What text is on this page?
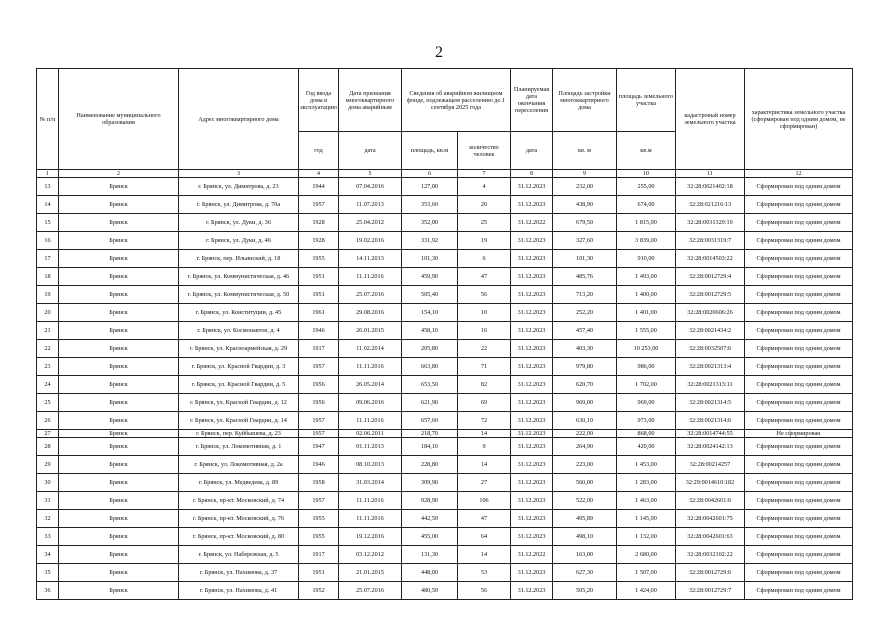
2
№ п/п	Наименование муниципального образования	Адрес многоквартирного дома	Год ввода дома в эксплуатацию	Дата признания многоквартирного дома аварийным	Сведения об аварийном жилищном фонде, подлежащем расселению до 1 сентября 2025 года		Планируемая дата окончания переселения	Площадь застройки многоквартирного дома	площадь земельного участка	кадастровый номер земельного участка	характеристика земельного участка (сформирован под одним домом, не сформирован)
			год	дата	площадь, кв.м	количество человек	дата	кв. м	кв.м		
1	2	3	4	5	6	7	8	9	10	11	12
13	Брянск	г. Брянск, ул. Димитрова, д. 23	1944	07.04.2016	127,00	4	31.12.2023	232,00	255,00	32:28:0021402:18	Сформирован под одним домом
14	Брянск	г. Брянск, ул. Димитрова, д. 70а	1957	11.07.2013	353,60	20	31.12.2023	438,90	674,00	32:28:021216:13	Сформирован под одним домом
15	Брянск	г. Брянск, ул. Дуки, д. 36	1928	25.04.2012	352,00	25	31.12.2022	679,50	1 815,00	32:28:0031320:19	Сформирован под одним домом
16	Брянск	г. Брянск, ул. Дуки, д. 46	1928	19.02.2016	331,92	19	31.12.2023	327,60	3 839,00	32:28:0031319:7	Сформирован под одним домом
17	Брянск	г. Брянск, пер. Ильинский, д. 18	1955	14.11.2013	101,30	6	31.12.2023	101,30	910,00	32:28:0014503:22	Сформирован под одним домом
18	Брянск	г. Брянск, ул. Коммунистическая, д. 46	1951	11.11.2016	459,90	47	31.12.2023	485,76	1 493,00	32:28:0012729:4	Сформирован под одним домом
19	Брянск	г. Брянск, ул. Коммунистическая, д. 50	1951	25.07.2016	505,40	56	31.12.2023	713,20	1 400,00	32:28:0012729:5	Сформирован под одним домом
20	Брянск	г. Брянск, ул. Конституции, д. 45	1961	29.08.2016	154,10	10	31.12.2023	252,20	1 401,00	32:28:0020606:26	Сформирован под одним домом
21	Брянск	г. Брянск, ул. Космонавтов, д. 4	1946	26.01.2015	458,10	16	31.12.2023	457,40	1 555,00	32:28:0021434:2	Сформирован под одним домом
22	Брянск	г. Брянск, ул. Красноармейская, д. 29	1917	11.02.2014	205,80	22	31.12.2023	403,30	10 253,00	32:28:0032507:6	Сформирован под одним домом
23	Брянск	г. Брянск, ул. Красной Гвардии, д. 3	1957	11.11.2016	663,80	71	31.12.2023	979,80	986,00	32:28:0021313:4	Сформирован под одним домом
24	Брянск	г. Брянск, ул. Красной Гвардии, д. 5	1956	26.05.2014	653,50	82	31.12.2023	620,70	1 702,00	32:28:0021313:11	Сформирован под одним домом
25	Брянск	г. Брянск, ул. Красной Гвардии, д. 12	1956	09.06.2016	621,90	69	31.12.2023	969,00	969,00	32:28:0021314:5	Сформирован под одним домом
26	Брянск	г. Брянск, ул. Красной Гвардии, д. 14	1957	11.11.2016	657,60	72	31.12.2023	630,10	973,00	32:28:0021314:6	Сформирован под одним домом
27	Брянск	г. Брянск, пер. Куйбышева, д. 23	1957	02.06.2011	218,70	14	31.12.2023	222,00	868,00	32:28:0014744:55	Не сформирован
28	Брянск	г. Брянск, ул. Локомотивная, д. 1	1947	01.11.2013	184,10	9	31.12.2023	264,90	420,00	32:28:0024142:13	Сформирован под одним домом
29	Брянск	г. Брянск, ул. Локомотивная, д. 2а	1946	08.10.2013	228,80	14	31.12.2023	223,00	1 453,00	32:28:00214257	Сформирован под одним домом
30	Брянск	г. Брянск, ул. Медведева, д. 89	1958	31.03.2014	309,90	27	31.12.2023	560,00	1 283,00	32:29:0014610:182	Сформирован под одним домом
31	Брянск	г. Брянск, пр-кт. Московский, д. 74	1957	11.11.2016	928,90	106	31.12.2023	522,00	1 463,00	32:28:0042601:6	Сформирован под одним домом
32	Брянск	г. Брянск, пр-кт. Московский, д. 76	1955	11.11.2016	442,50	47	31.12.2023	495,89	1 145,00	32:28:0042601:75	Сформирован под одним домом
33	Брянск	г. Брянск, пр-кт. Московский, д. 80	1955	19.12.2016	455,00	64	31.12.2023	498,10	1 132,00	32:28:0042601:63	Сформирован под одним домом
34	Брянск	г. Брянск, ул. Набережная, д. 5	1917	03.12.2012	131,30	14	31.12.2022	163,00	2 680,00	32:28:0032102:22	Сформирован под одним домом
35	Брянск	г. Брянск, ул. Нахимова, д. 37	1951	21.01.2015	448,00	53	31.12.2023	627,30	1 507,00	32:28:0012729:6	Сформирован под одним домом
36	Брянск	г. Брянск, ул. Нахимова, д. 41	1952	25.07.2016	480,50	56	31.12.2023	505,20	1 424,00	32:28:0012729:7	Сформирован под одним домом
